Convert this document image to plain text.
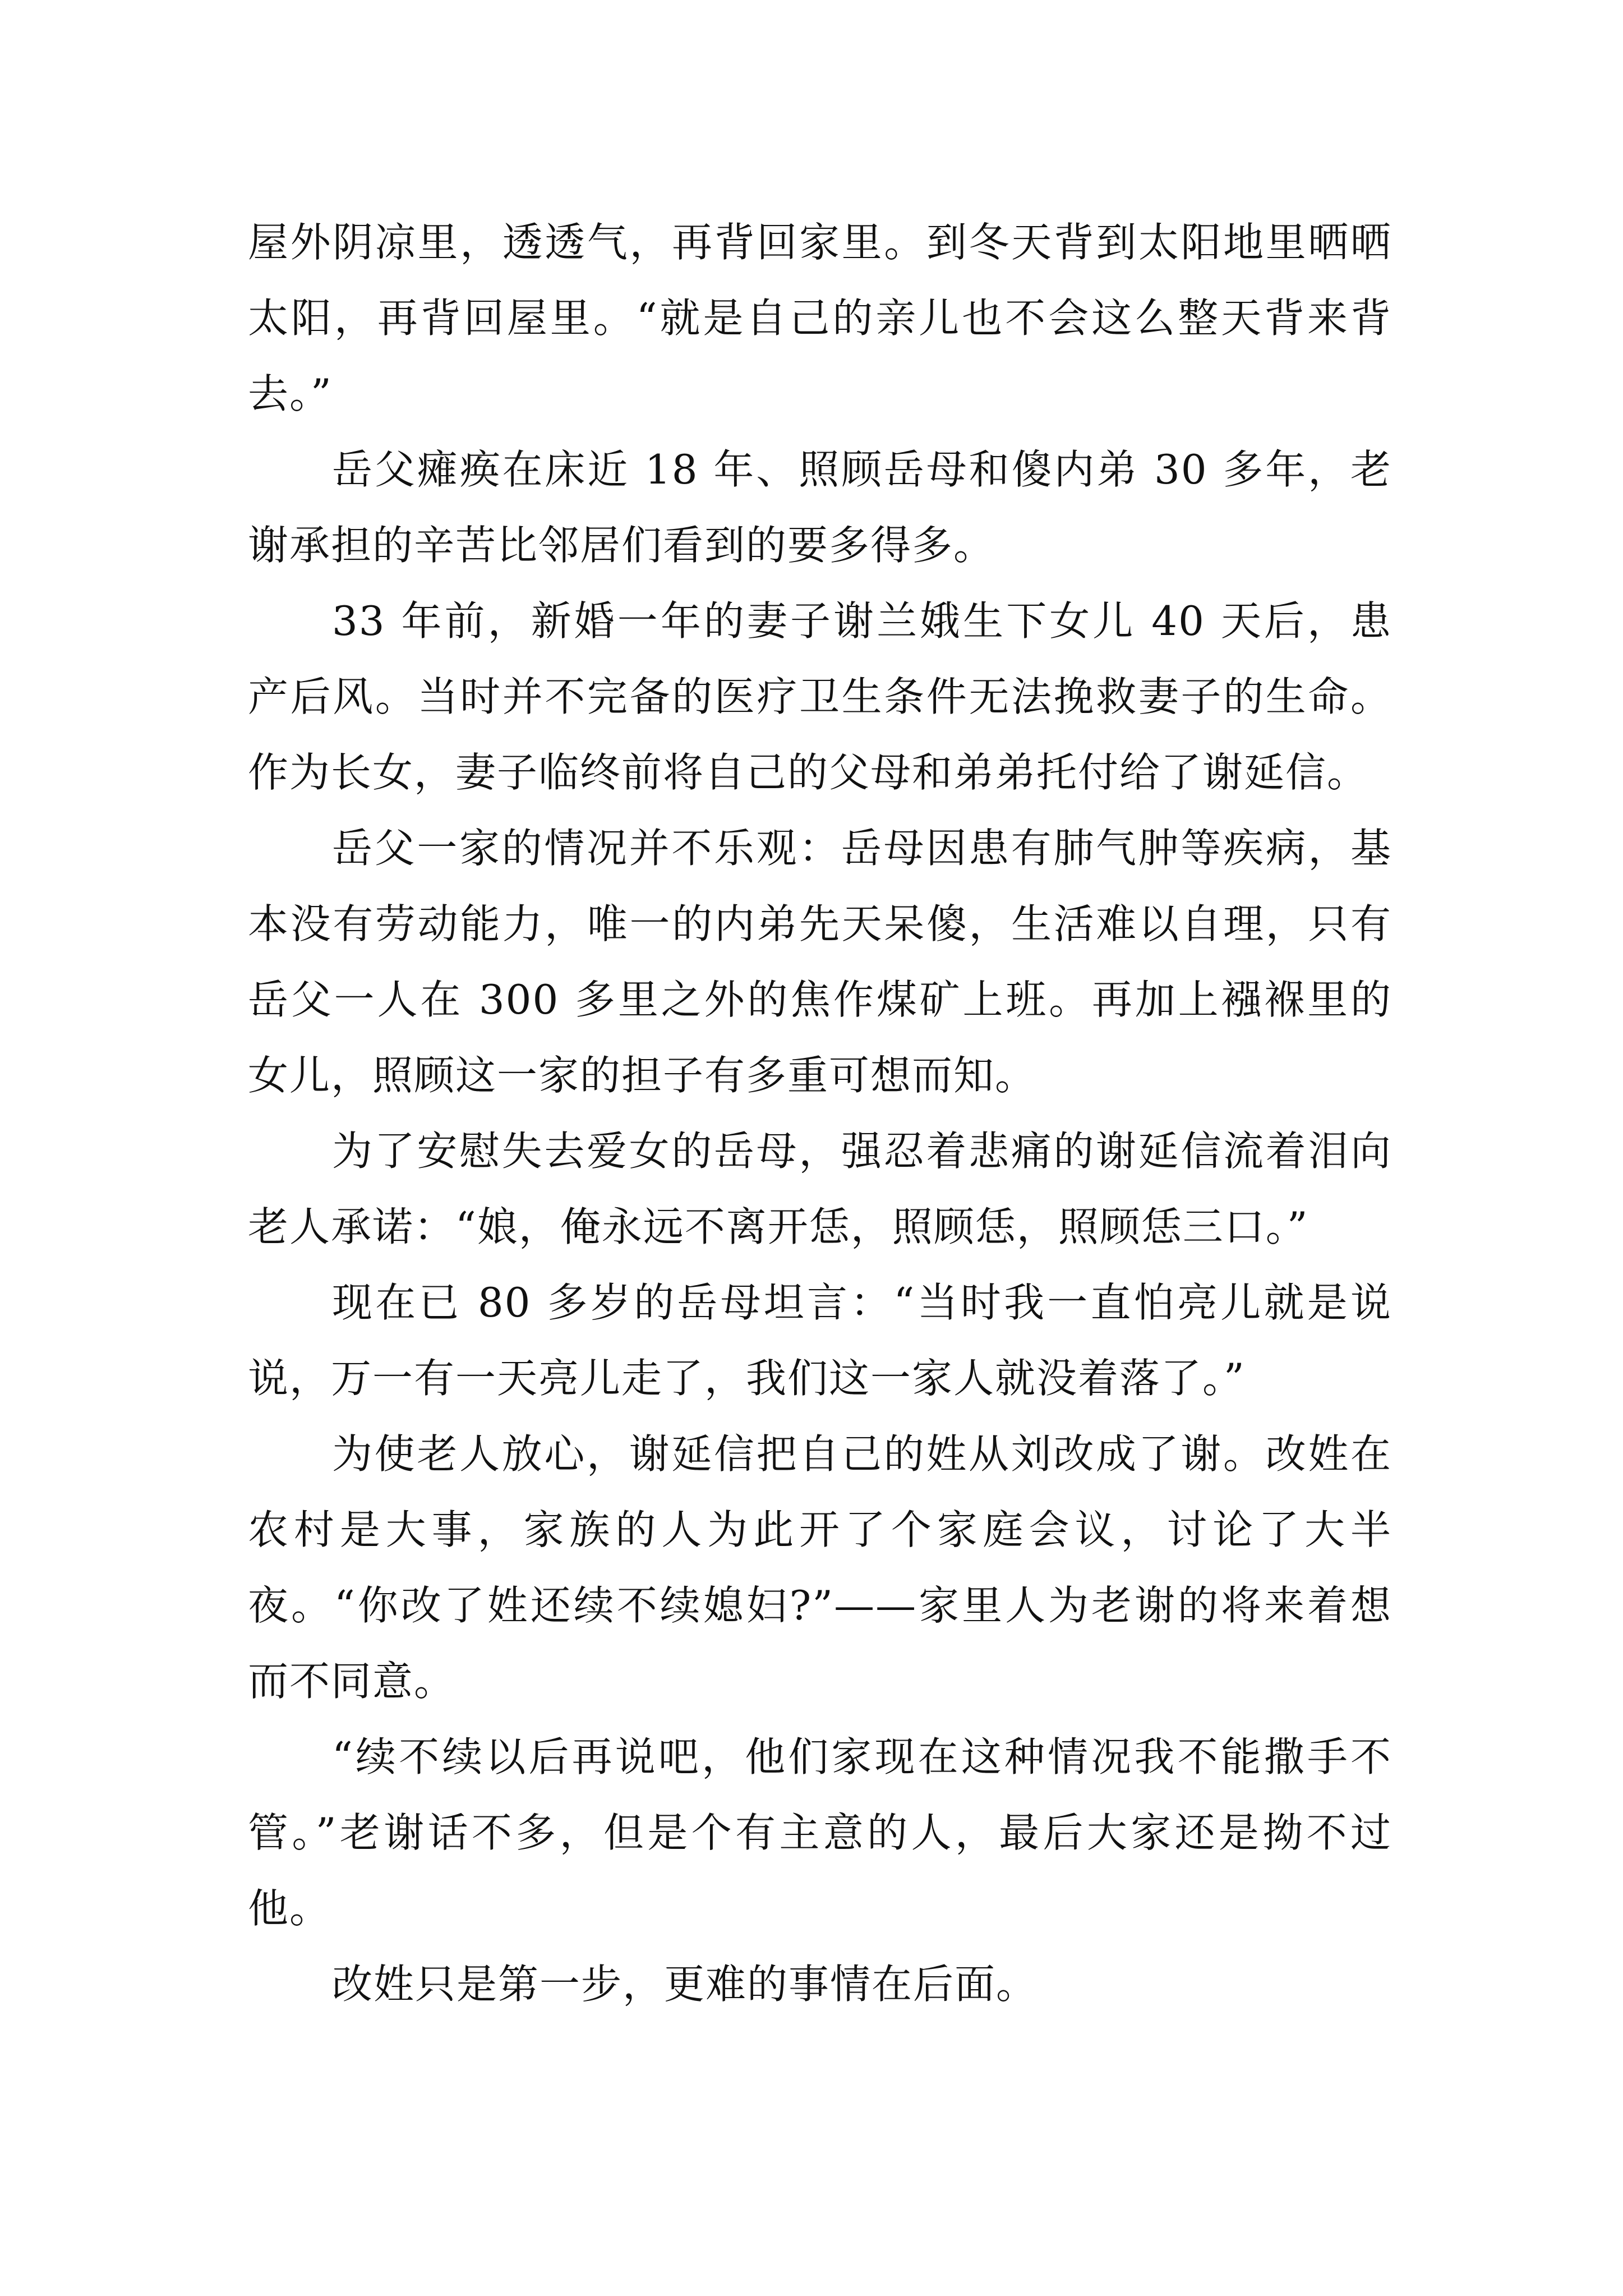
屋外阴凉里，透透气，再背回家里。到冬天背到太阳地里晒晒太阳，再背回屋里。“就是自己的亲儿也不会这么整天背来背去。”

岳父瘫痪在床近 18 年、照顾岳母和傻内弟 30 多年，老谢承担的辛苦比邻居们看到的要多得多。

33 年前，新婚一年的妻子谢兰娥生下女儿 40 天后，患产后风。当时并不完备的医疗卫生条件无法挽救妻子的生命。作为长女，妻子临终前将自己的父母和弟弟托付给了谢延信。

岳父一家的情况并不乐观：岳母因患有肺气肿等疾病，基本没有劳动能力，唯一的内弟先天呆傻，生活难以自理，只有岳父一人在 300 多里之外的焦作煤矿上班。再加上襁褓里的女儿，照顾这一家的担子有多重可想而知。

为了安慰失去爱女的岳母，强忍着悲痛的谢延信流着泪向老人承诺：“娘，俺永远不离开恁，照顾恁，照顾恁三口。”

现在已 80 多岁的岳母坦言：“当时我一直怕亮儿就是说说，万一有一天亮儿走了，我们这一家人就没着落了。”

为使老人放心，谢延信把自己的姓从刘改成了谢。改姓在农村是大事，家族的人为此开了个家庭会议，讨论了大半夜。“你改了姓还续不续媳妇?”——家里人为老谢的将来着想而不同意。

“续不续以后再说吧，他们家现在这种情况我不能撒手不管。”老谢话不多，但是个有主意的人，最后大家还是拗不过他。

改姓只是第一步，更难的事情在后面。
